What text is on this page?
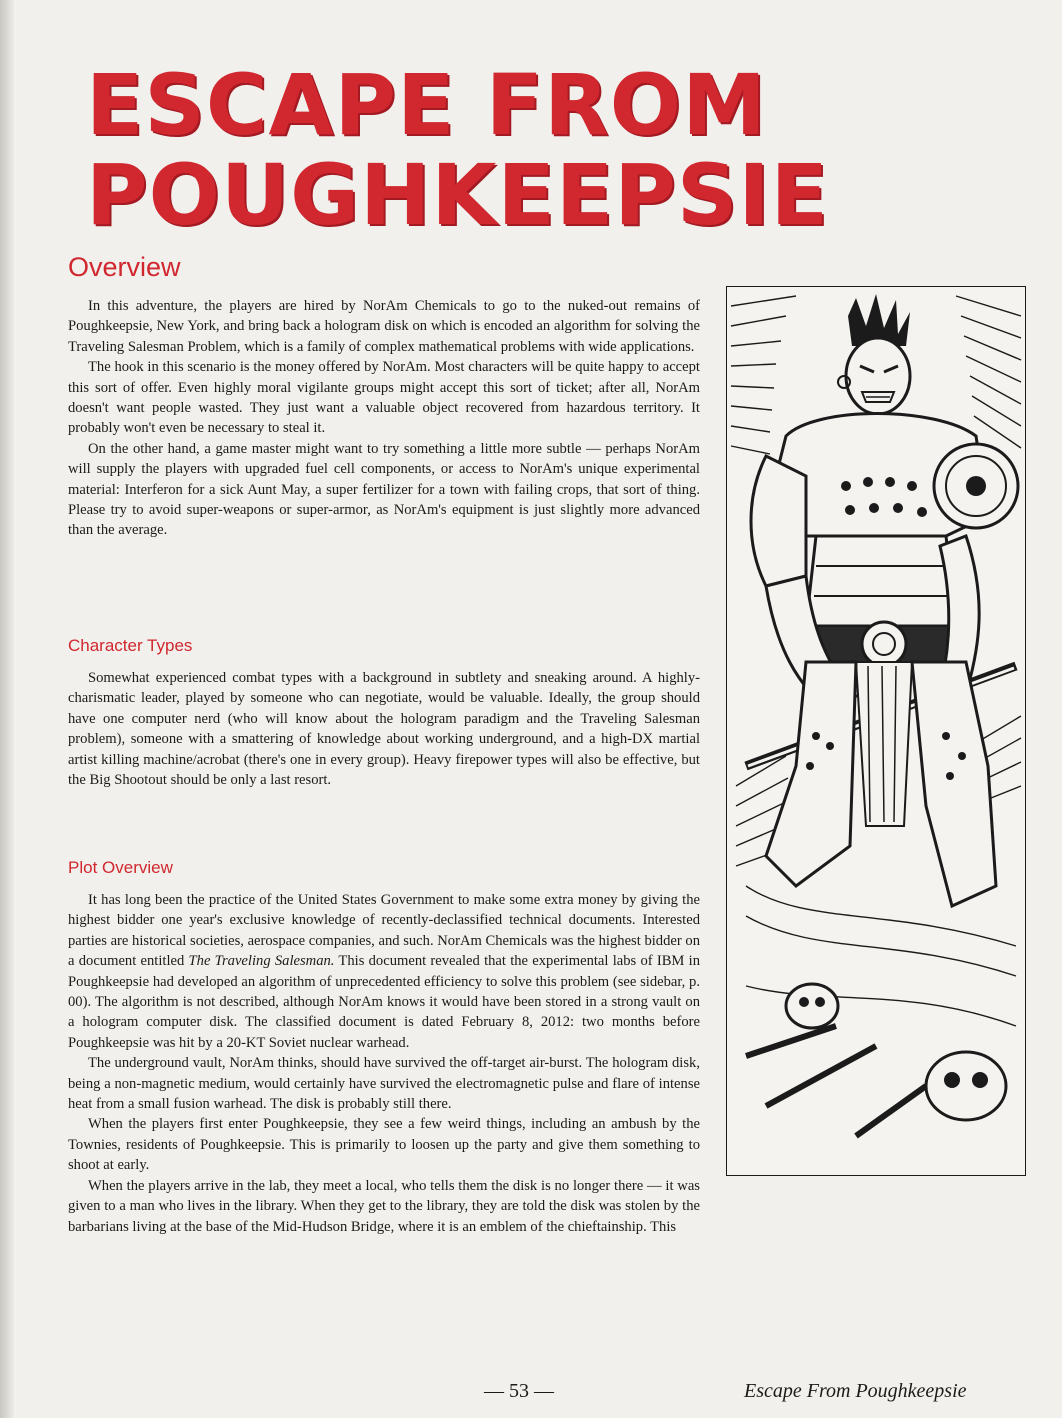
ESCAPE FROM
POUGHKEEPSIE
Overview

In this adventure, the players are hired by NorAm Chemicals to go to the nuked-out remains of Poughkeepsie, New York, and bring back a hologram disk on which is encoded an algorithm for solving the Traveling Salesman Problem, which is a family of complex mathematical problems with wide applications.

The hook in this scenario is the money offered by NorAm. Most characters will be quite happy to accept this sort of offer. Even highly moral vigilante groups might accept this sort of ticket; after all, NorAm doesn't want people wasted. They just want a valuable object recovered from hazardous territory. It probably won't even be necessary to steal it.

On the other hand, a game master might want to try something a little more subtle — perhaps NorAm will supply the players with upgraded fuel cell components, or access to NorAm's unique experimental material: Interferon for a sick Aunt May, a super fertilizer for a town with failing crops, that sort of thing. Please try to avoid super-weapons or super-armor, as NorAm's equipment is just slightly more advanced than the average.

Character Types

Somewhat experienced combat types with a background in subtlety and sneaking around. A highly-charismatic leader, played by someone who can negotiate, would be valuable. Ideally, the group should have one computer nerd (who will know about the hologram paradigm and the Traveling Salesman problem), someone with a smattering of knowledge about working underground, and a high-DX martial artist killing machine/acrobat (there's one in every group). Heavy firepower types will also be effective, but the Big Shootout should be only a last resort.

Plot Overview

It has long been the practice of the United States Government to make some extra money by giving the highest bidder one year's exclusive knowledge of recently-declassified technical documents. Interested parties are historical societies, aerospace companies, and such. NorAm Chemicals was the highest bidder on a document entitled The Traveling Salesman. This document revealed that the experimental labs of IBM in Poughkeepsie had developed an algorithm of unprecedented efficiency to solve this problem (see sidebar, p. 00). The algorithm is not described, although NorAm knows it would have been stored in a strong vault on a hologram computer disk. The classified document is dated February 8, 2012: two months before Poughkeepsie was hit by a 20-KT Soviet nuclear warhead.

The underground vault, NorAm thinks, should have survived the off-target air-burst. The hologram disk, being a non-magnetic medium, would certainly have survived the electromagnetic pulse and flare of intense heat from a small fusion warhead. The disk is probably still there.

When the players first enter Poughkeepsie, they see a few weird things, including an ambush by the Townies, residents of Poughkeepsie. This is primarily to loosen up the party and give them something to shoot at early.

When the players arrive in the lab, they meet a local, who tells them the disk is no longer there — it was given to a man who lives in the library. When they get to the library, they are told the disk was stolen by the barbarians living at the base of the Mid-Hudson Bridge, where it is an emblem of the chieftainship. This

— 53 —	Escape From Poughkeepsie
